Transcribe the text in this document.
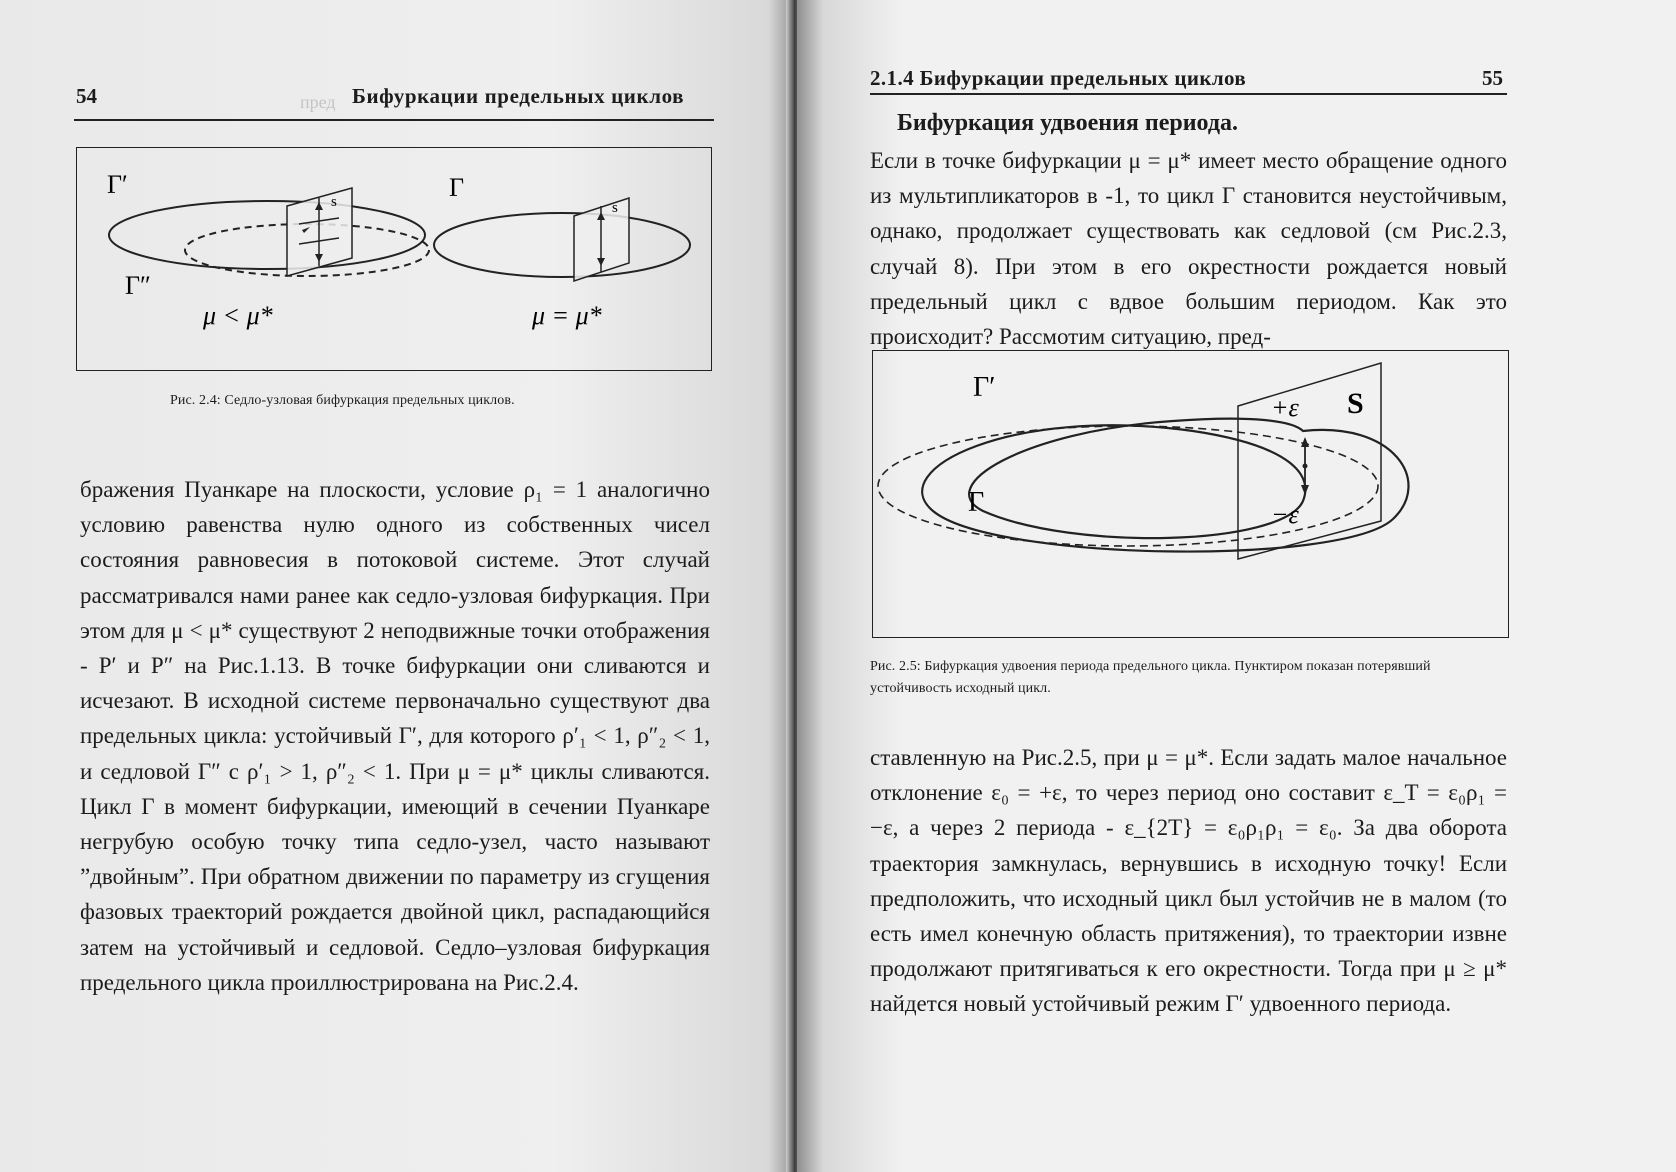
пред
54	Бифуркации предельных циклов
Γ′
Γ″
s
μ < μ*
Γ
s
μ = μ*
Рис. 2.4: Седло-узловая бифуркация предельных циклов.

бражения Пуанкаре на плоскости, условие ρ₁ = 1 аналогично условию равенства нулю одного из собственных чисел состояния равновесия в потоковой системе. Этот случай рассматривался нами ранее как седло-узловая бифуркация. При этом для μ < μ* существуют 2 неподвижные точки отображения - P′ и P″ на Рис.1.13. В точке бифуркации они сливаются и исчезают. В исходной системе первоначально существуют два предельных цикла: устойчивый Γ′, для которого ρ′₁ < 1, ρ″₂ < 1, и седловой Γ″ с ρ′₁ > 1, ρ″₂ < 1. При μ = μ* циклы сливаются. Цикл Γ в момент бифуркации, имеющий в сечении Пуанкаре негрубую особую точку типа седло-узел, часто называют ”двойным”. При обратном движении по параметру из сгущения фазовых траекторий рождается двойной цикл, распадающийся затем на устойчивый и седловой. Седло–узловая бифуркация предельного цикла проиллюстрирована на Рис.2.4.

2.1.4 Бифуркации предельных циклов	55
Бифуркация удвоения периода.

Если в точке бифуркации μ = μ* имеет место обращение одного из мультипликаторов в -1, то цикл Γ становится неустойчивым, однако, продолжает существовать как седловой (см Рис.2.3, случай 8). При этом в его окрестности рождается новый предельный цикл с вдвое большим периодом. Как это происходит? Рассмотим ситуацию, пред-

Γ′
Γ
+ε
−ε
S
Рис. 2.5: Бифуркация удвоения периода предельного цикла. Пунктиром показан потерявший устойчивость исходный цикл.

ставленную на Рис.2.5, при μ = μ*. Если задать малое начальное отклонение ε₀ = +ε, то через период оно составит ε_T = ε₀ρ₁ = −ε, а через 2 периода - ε_{2T} = ε₀ρ₁ρ₁ = ε₀. За два оборота траектория замкнулась, вернувшись в исходную точку! Если предположить, что исходный цикл был устойчив не в малом (то есть имел конечную область притяжения), то траектории извне продолжают притягиваться к его окрестности. Тогда при μ ≥ μ* найдется новый устойчивый режим Γ′ удвоенного периода.
